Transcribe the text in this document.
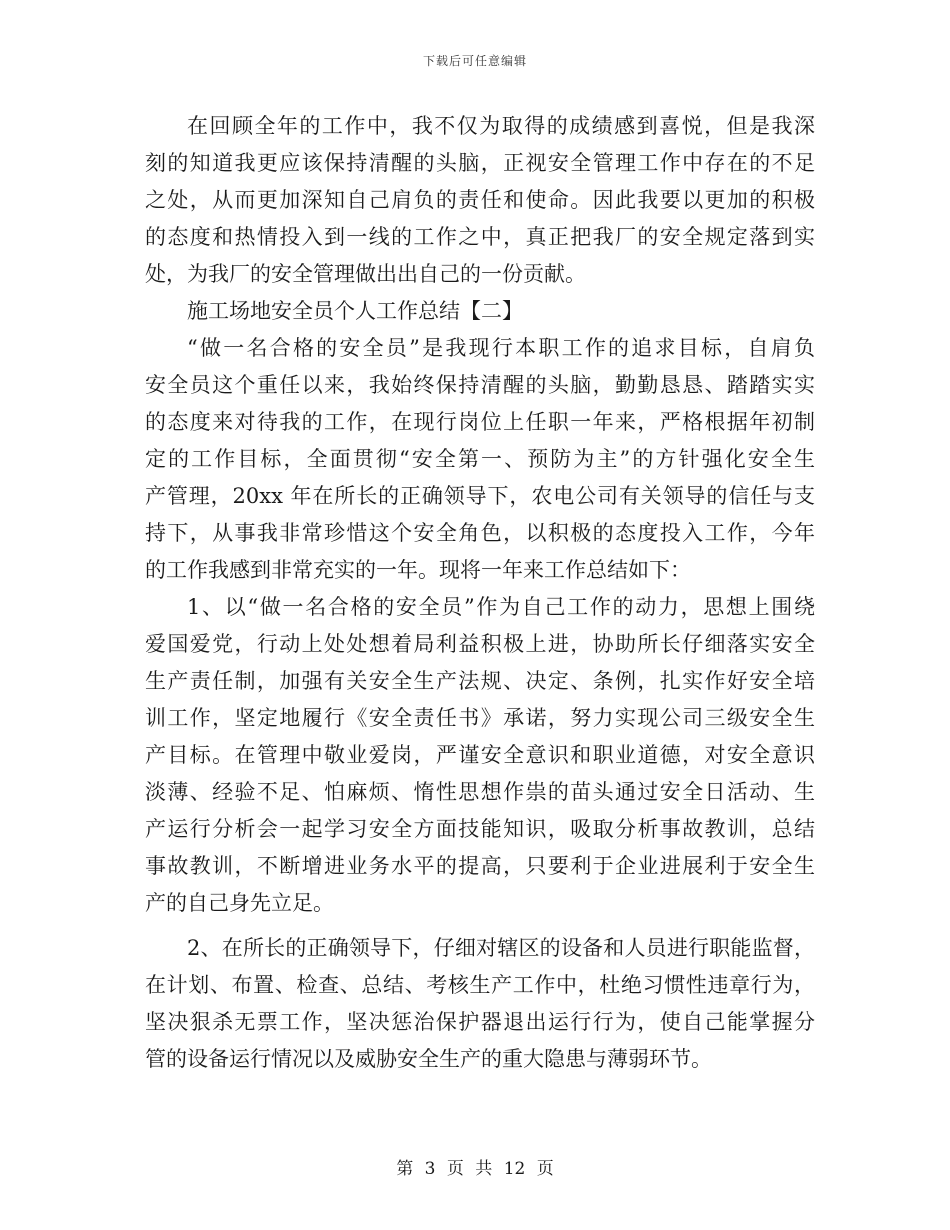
下载后可任意编辑
在回顾全年的工作中，我不仅为取得的成绩感到喜悦，但是我深
刻的知道我更应该保持清醒的头脑，正视安全管理工作中存在的不足
之处，从而更加深知自己肩负的责任和使命。因此我要以更加的积极
的态度和热情投入到一线的工作之中，真正把我厂的安全规定落到实
处，为我厂的安全管理做出出自己的一份贡献。
施工场地安全员个人工作总结【二】
“做一名合格的安全员”是我现行本职工作的追求目标，自肩负
安全员这个重任以来，我始终保持清醒的头脑，勤勤恳恳、踏踏实实
的态度来对待我的工作，在现行岗位上任职一年来，严格根据年初制
定的工作目标，全面贯彻“安全第一、预防为主”的方针强化安全生
产管理，20xx 年在所长的正确领导下，农电公司有关领导的信任与支
持下，从事我非常珍惜这个安全角色，以积极的态度投入工作，今年
的工作我感到非常充实的一年。现将一年来工作总结如下：
1、以“做一名合格的安全员”作为自己工作的动力，思想上围绕
爱国爱党，行动上处处想着局利益积极上进，协助所长仔细落实安全
生产责任制，加强有关安全生产法规、决定、条例，扎实作好安全培
训工作，坚定地履行《安全责任书》承诺，努力实现公司三级安全生
产目标。在管理中敬业爱岗，严谨安全意识和职业道德，对安全意识
淡薄、经验不足、怕麻烦、惰性思想作祟的苗头通过安全日活动、生
产运行分析会一起学习安全方面技能知识，吸取分析事故教训，总结
事故教训，不断增进业务水平的提高，只要利于企业进展利于安全生
产的自己身先立足。
2、在所长的正确领导下，仔细对辖区的设备和人员进行职能监督，
在计划、布置、检查、总结、考核生产工作中，杜绝习惯性违章行为，
坚决狠杀无票工作，坚决惩治保护器退出运行行为，使自己能掌握分
管的设备运行情况以及威胁安全生产的重大隐患与薄弱环节。
第 3 页 共 12 页
